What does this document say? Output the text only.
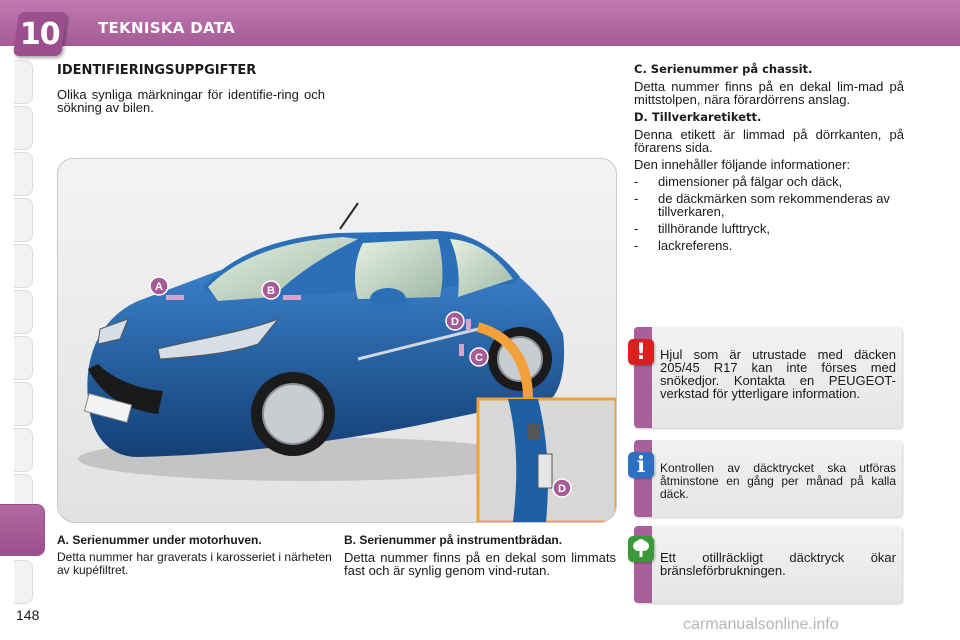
10	TEKNISKA DATA
IDENTIFIERINGSUPPGIFTER

Olika synliga märkningar för identifie-ring och sökning av bilen.

A	B
D
C
D
A. Serienummer under motorhuven.

Detta nummer har graverats i karosseriet i närheten av kupéfiltret.

B. Serienummer på instrumentbrädan.

Detta nummer finns på en dekal som limmats fast och är synlig genom vind-rutan.

C. Serienummer på chassit.

Detta nummer finns på en dekal lim-mad på mittstolpen, nära förardörrens anslag.

D. Tillverkaretikett.

Denna etikett är limmad på dörrkanten, på förarens sida.

Den innehåller följande informationer:

- dimensioner på fälgar och däck,
- de däckmärken som rekommenderas av tillverkaren,
- tillhörande lufttryck,
- lackreferens.
!	Hjul som är utrustade med däcken 205/45 R17 kan inte förses med snökedjor. Kontakta en PEUGEOT-verkstad för ytterligare information.
i	Kontrollen av däcktrycket ska utföras åtminstone en gång per månad på kalla däck.
Ett otillräckligt däcktryck ökar bränsleförbrukningen.
148
carmanualsonline.info
